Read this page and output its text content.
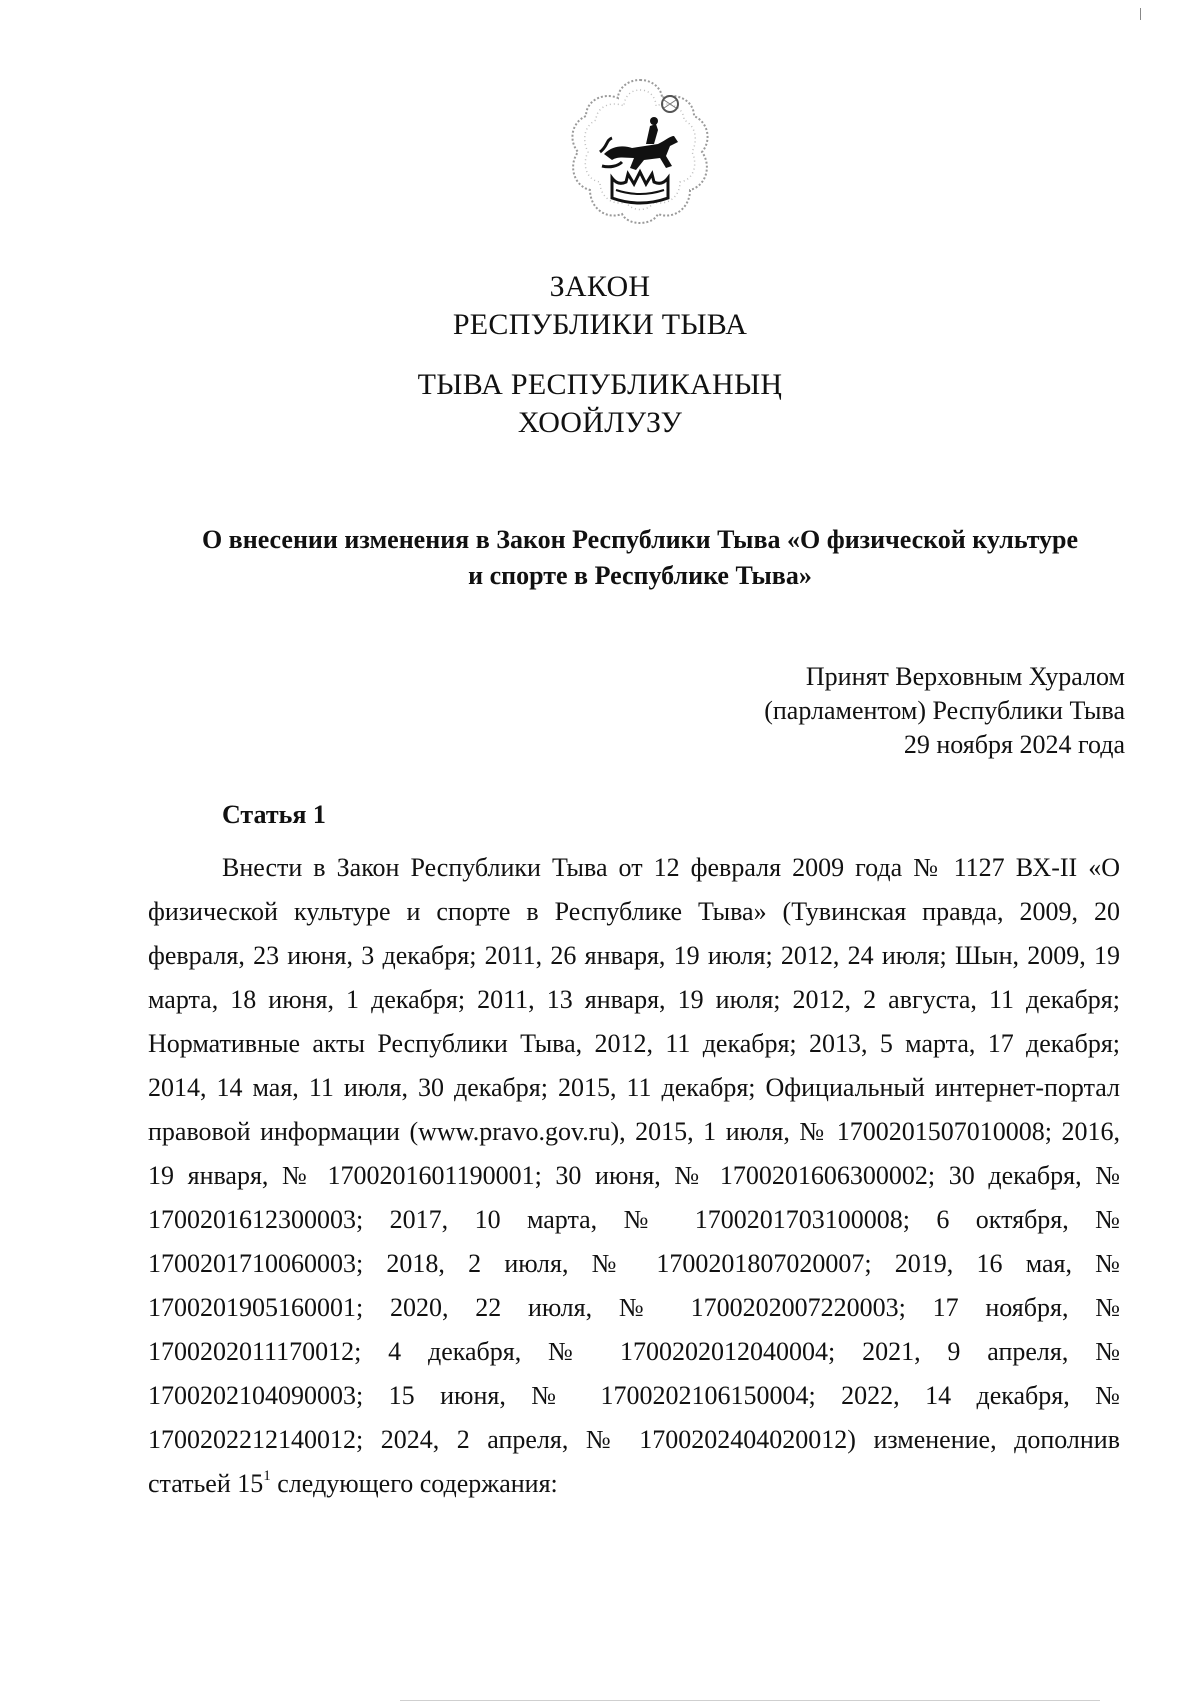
ЗАКОН
РЕСПУБЛИКИ ТЫВА
ТЫВА РЕСПУБЛИКАНЫҢ
ХООЙЛУЗУ
О внесении изменения в Закон Республики Тыва «О физической культуре
и спорте в Республике Тыва»
Принят Верховным Хуралом
(парламентом) Республики Тыва
29 ноября 2024 года
Статья 1
Внести в Закон Республики Тыва от 12 февраля 2009 года № 1127 ВХ-II «О физической культуре и спорте в Республике Тыва» (Тувинская правда, 2009, 20 февраля, 23 июня, 3 декабря; 2011, 26 января, 19 июля; 2012, 24 июля; Шын, 2009, 19 марта, 18 июня, 1 декабря; 2011, 13 января, 19 июля; 2012, 2 августа, 11 декабря; Нормативные акты Республики Тыва, 2012, 11 декабря; 2013, 5 марта, 17 декабря; 2014, 14 мая, 11 июля, 30 декабря; 2015, 11 декабря; Официальный интернет-портал правовой информации (www.pravo.gov.ru), 2015, 1 июля, № 1700201507010008; 2016, 19 января, № 1700201601190001; 30 июня, № 1700201606300002; 30 декабря, № 1700201612300003; 2017, 10 марта, № 1700201703100008; 6 октября, № 1700201710060003; 2018, 2 июля, № 1700201807020007; 2019, 16 мая, № 1700201905160001; 2020, 22 июля, № 1700202007220003; 17 ноября, № 1700202011170012; 4 декабря, № 1700202012040004; 2021, 9 апреля, № 1700202104090003; 15 июня, № 1700202106150004; 2022, 14 декабря, № 1700202212140012; 2024, 2 апреля, № 1700202404020012) изменение, дополнив статьей $15^1$ следующего содержания:
